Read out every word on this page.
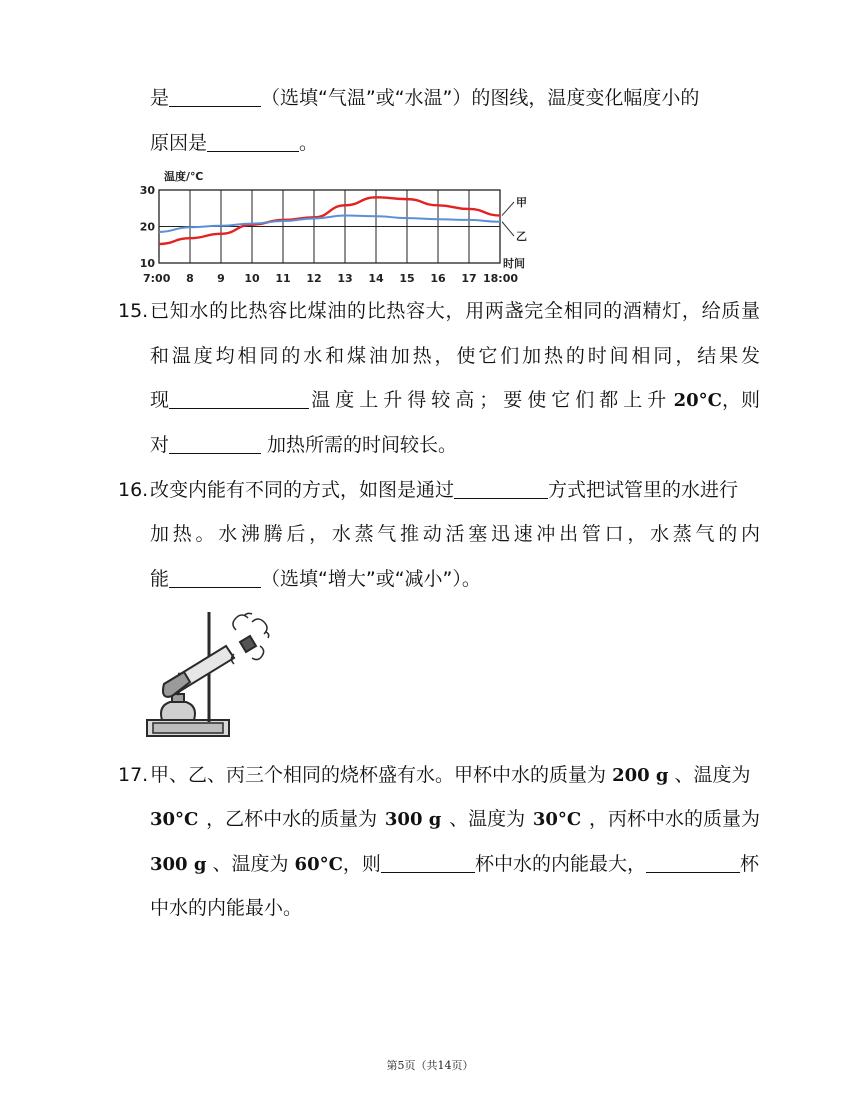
是	（选填“气温”或“水温”）的图线，温度变化幅度小的
原因是	。
温度/℃
30
20
10
7:00 8 9 10 11 12 13 14 15 16 17 18:00
甲
乙
时间
15. 已知水的比热容比煤油的比热容大，用两盏完全相同的酒精灯，给质量
和温度均相同的水和煤油加热，使它们加热的时间相同，结果发
现	温度上升得较高；要使它们都上升 20°C，则
对	加热所需的时间较长。
16. 改变内能有不同的方式，如图是通过	方式把试管里的水进行
加热。水沸腾后，水蒸气推动活塞迅速冲出管口，水蒸气的内
能	（选填“增大”或“减小”）。
17. 甲、乙、丙三个相同的烧杯盛有水。甲杯中水的质量为 200 g 、温度为
30°C ，乙杯中水的质量为 300 g 、温度为 30°C ，丙杯中水的质量为
300 g 、温度为 60°C，则	杯中水的内能最大，	杯
中水的内能最小。
第5页（共14页）
